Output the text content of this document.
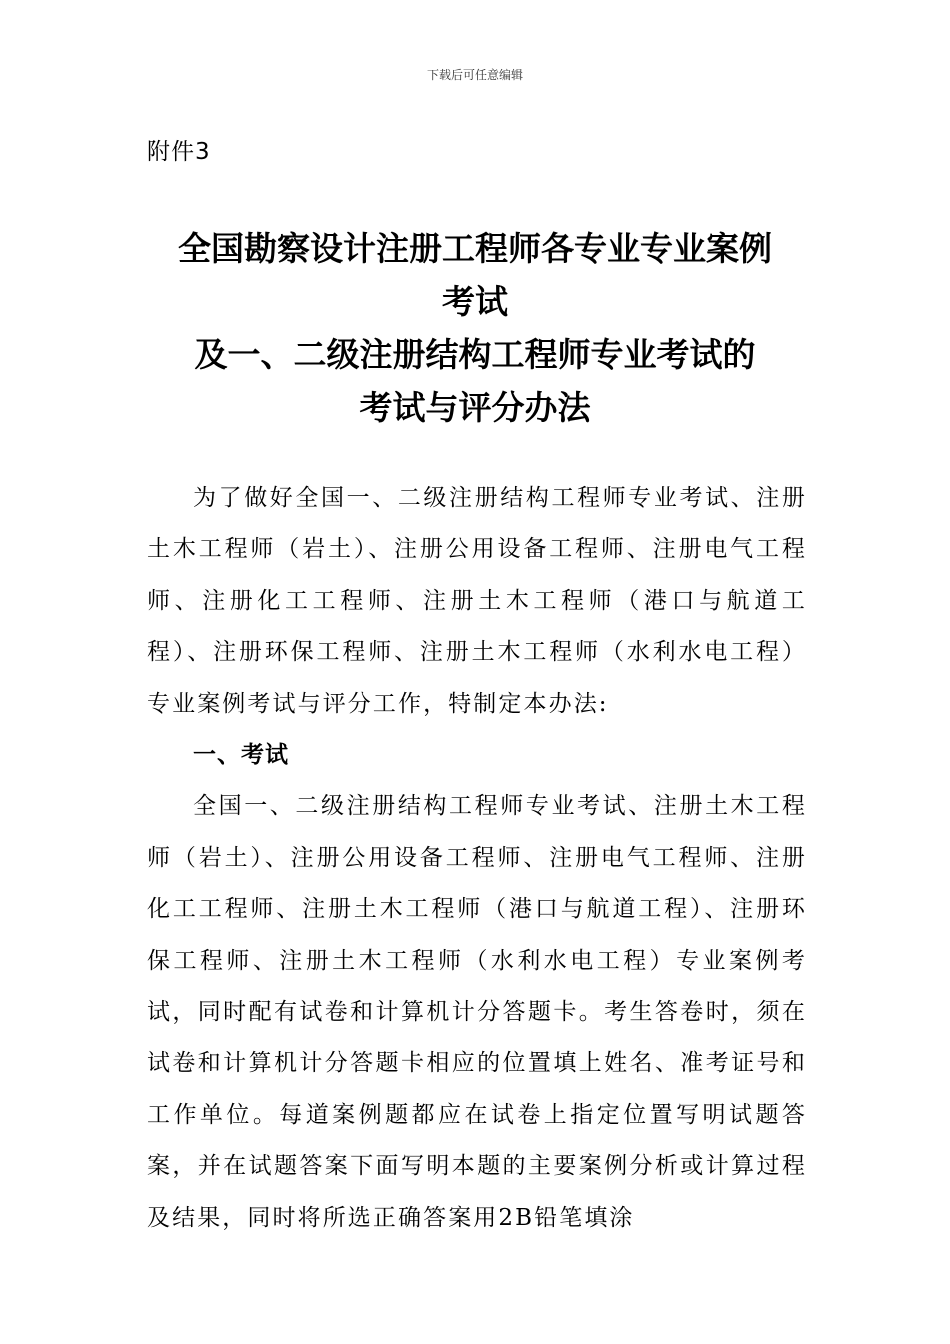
下载后可任意编辑
附件3
全国勘察设计注册工程师各专业专业案例
考试
及一、二级注册结构工程师专业考试的
考试与评分办法

为了做好全国一、二级注册结构工程师专业考试、注册土木工程师（岩土）、注册公用设备工程师、注册电气工程师、注册化工工程师、注册土木工程师（港口与航道工程）、注册环保工程师、注册土木工程师（水利水电工程）专业案例考试与评分工作，特制定本办法:

一、考试

全国一、二级注册结构工程师专业考试、注册土木工程师（岩土）、注册公用设备工程师、注册电气工程师、注册化工工程师、注册土木工程师（港口与航道工程）、注册环保工程师、注册土木工程师（水利水电工程）专业案例考试，同时配有试卷和计算机计分答题卡。考生答卷时，须在试卷和计算机计分答题卡相应的位置填上姓名、准考证号和工作单位。每道案例题都应在试卷上指定位置写明试题答案，并在试题答案下面写明本题的主要案例分析或计算过程及结果，同时将所选正确答案用2B铅笔填涂
